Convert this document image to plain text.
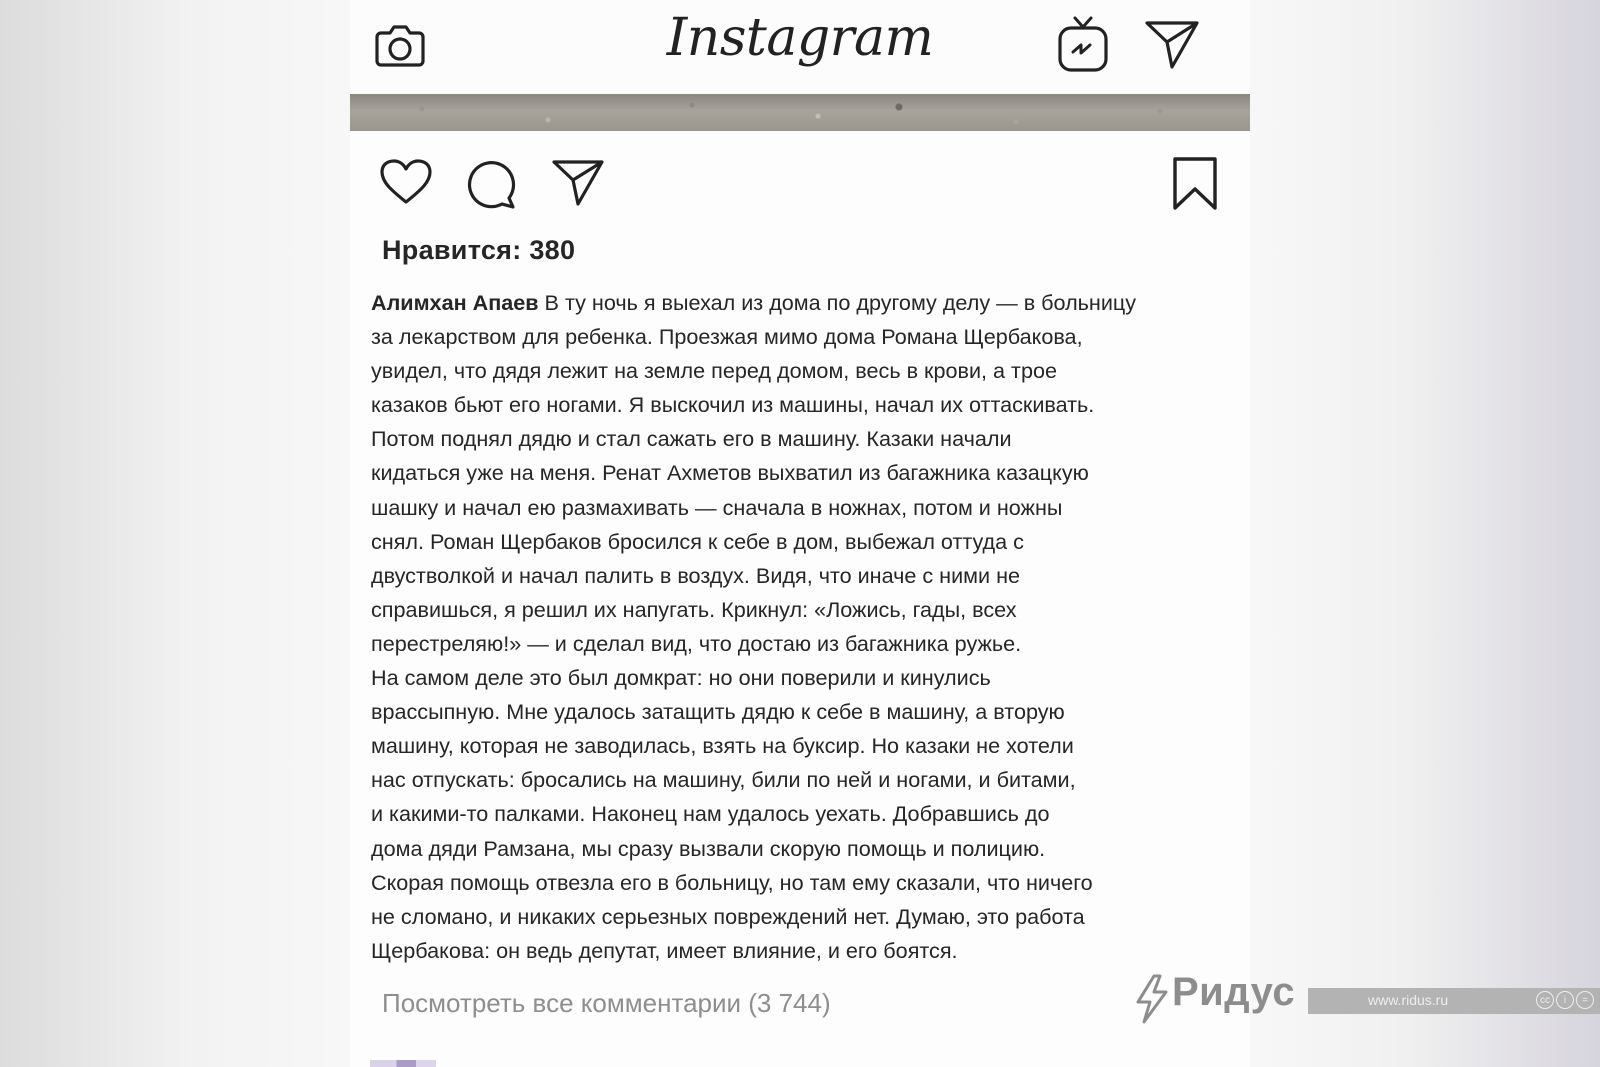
Instagram
Нравится: 380

Алимхан Апаев В ту ночь я выехал из дома по другому делу — в больницу

за лекарством для ребенка. Проезжая мимо дома Романа Щербакова,

увидел, что дядя лежит на земле перед домом, весь в крови, а трое

казаков бьют его ногами. Я выскочил из машины, начал их оттаскивать.

Потом поднял дядю и стал сажать его в машину. Казаки начали

кидаться уже на меня. Ренат Ахметов выхватил из багажника казацкую

шашку и начал ею размахивать — сначала в ножнах, потом и ножны

снял. Роман Щербаков бросился к себе в дом, выбежал оттуда с

двустволкой и начал палить в воздух. Видя, что иначе с ними не

справишься, я решил их напугать. Крикнул: «Ложись, гады, всех

перестреляю!» — и сделал вид, что достаю из багажника ружье.

На самом деле это был домкрат: но они поверили и кинулись

врассыпную. Мне удалось затащить дядю к себе в машину, а вторую

машину, которая не заводилась, взять на буксир. Но казаки не хотели

нас отпускать: бросались на машину, били по ней и ногами, и битами,

и какими-то палками. Наконец нам удалось уехать. Добравшись до

дома дяди Рамзана, мы сразу вызвали скорую помощь и полицию.

Скорая помощь отвезла его в больницу, но там ему сказали, что ничего

не сломано, и никаких серьезных повреждений нет. Думаю, это работа

Щербакова: он ведь депутат, имеет влияние, и его боятся.

Посмотреть все комментарии (3 744)	Ридус	www.ridus.ru	cc	i	=
